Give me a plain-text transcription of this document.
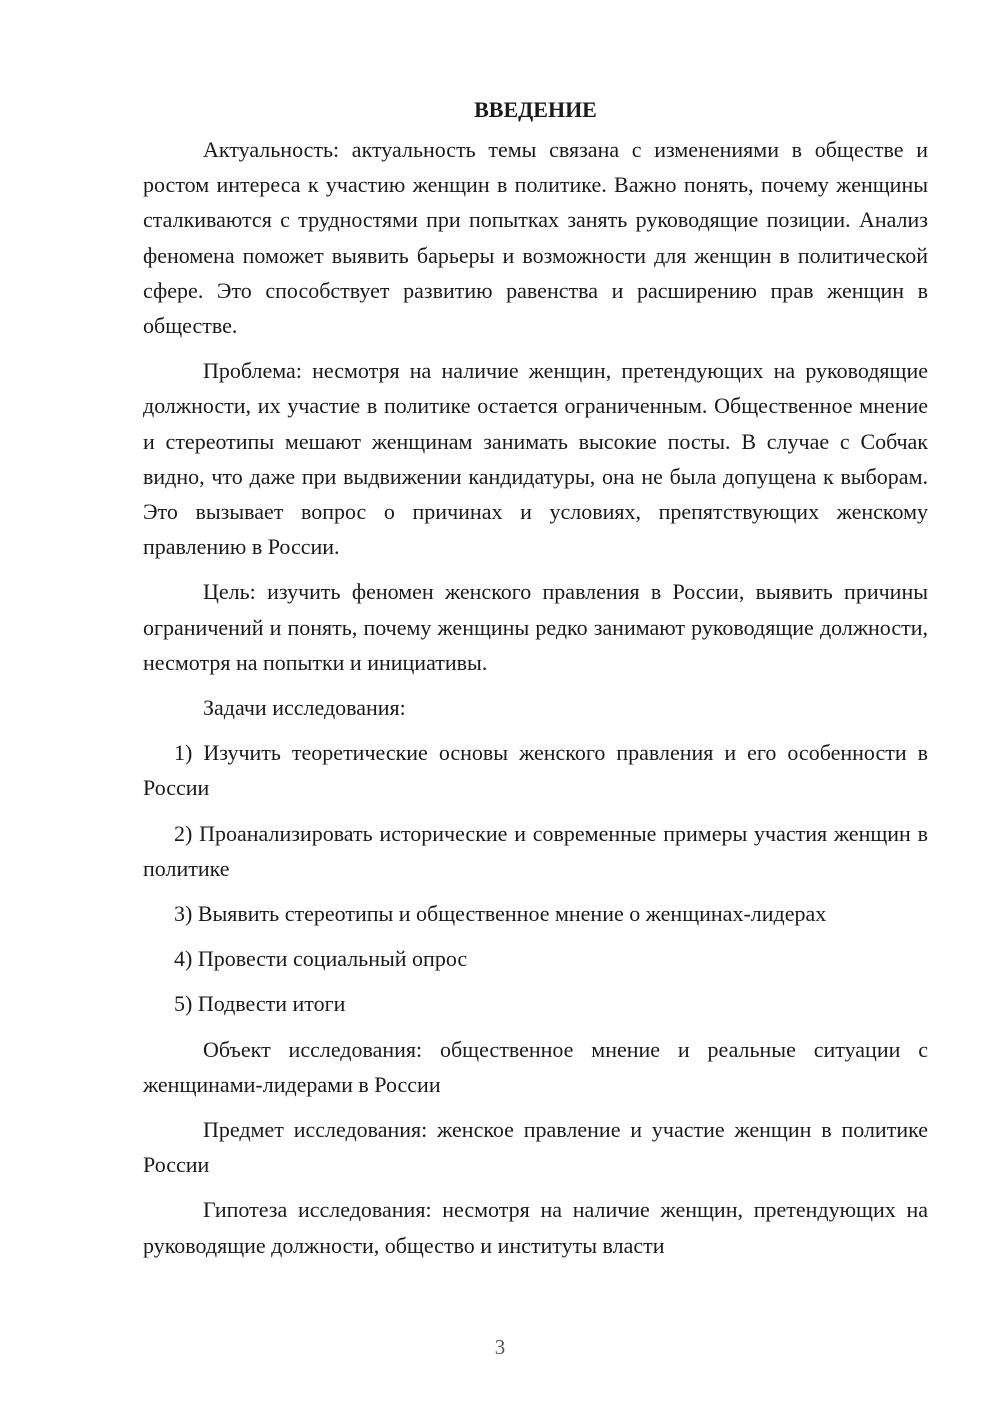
ВВЕДЕНИЕ

Актуальность: актуальность темы связана с изменениями в обществе и ростом интереса к участию женщин в политике. Важно понять, почему женщины сталкиваются с трудностями при попытках занять руководящие позиции. Анализ феномена поможет выявить барьеры и возможности для женщин в политической сфере. Это способствует развитию равенства и расширению прав женщин в обществе.

Проблема: несмотря на наличие женщин, претендующих на руководящие должности, их участие в политике остается ограниченным. Общественное мнение и стереотипы мешают женщинам занимать высокие посты. В случае с Собчак видно, что даже при выдвижении кандидатуры, она не была допущена к выборам. Это вызывает вопрос о причинах и условиях, препятствующих женскому правлению в России.

Цель: изучить феномен женского правления в России, выявить причины ограничений и понять, почему женщины редко занимают руководящие должности, несмотря на попытки и инициативы.

Задачи исследования:

1) Изучить теоретические основы женского правления и его особенности в России

2) Проанализировать исторические и современные примеры участия женщин в политике

3) Выявить стереотипы и общественное мнение о женщинах-лидерах

4) Провести социальный опрос

5) Подвести итоги

Объект исследования: общественное мнение и реальные ситуации с женщинами-лидерами в России

Предмет исследования: женское правление и участие женщин в политике России

Гипотеза исследования: несмотря на наличие женщин, претендующих на руководящие должности, общество и институты власти

3
